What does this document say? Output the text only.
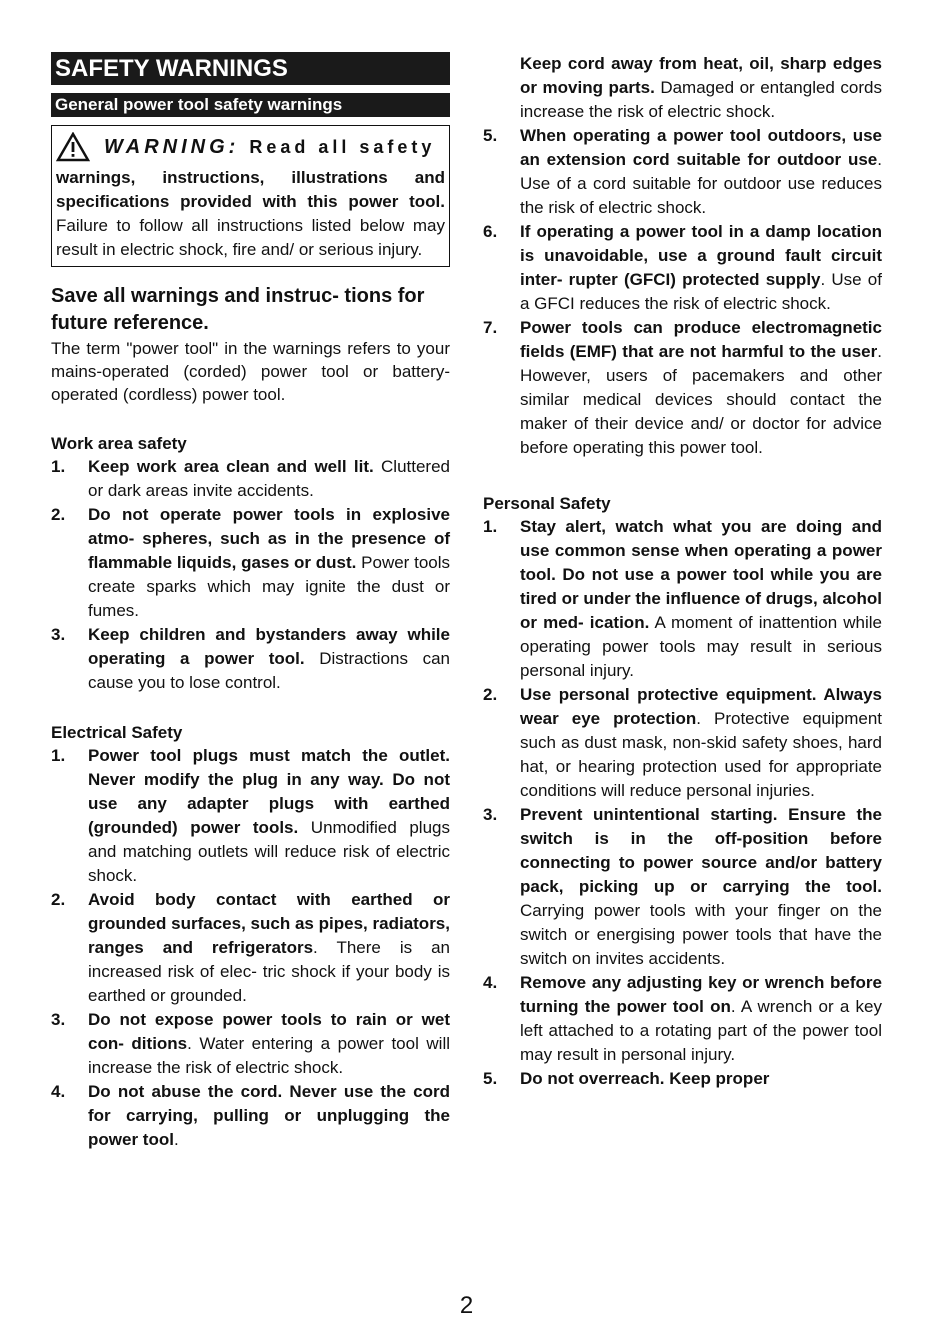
SAFETY WARNINGS
General power tool safety warnings
WARNING: Read all safety
warnings, instructions, illustrations and specifications provided with this power tool. Failure to follow all instructions listed below may result in electric shock, fire and/ or serious injury.
Save all warnings and instruc- tions for future reference.
The term "power tool" in the warnings refers to your mains-operated (corded) power tool or battery-operated (cordless) power tool.
Work area safety
1.	Keep work area clean and well lit. Cluttered or dark areas invite accidents.
2.	Do not operate power tools in explosive atmo- spheres, such as in the presence of flammable liquids, gases or dust. Power tools create sparks which may ignite the dust or fumes.
3.	Keep children and bystanders away while operating a power tool. Distractions can cause you to lose control.
Electrical Safety
1.	Power tool plugs must match the outlet. Never modify the plug in any way. Do not use any adapter plugs with earthed (grounded) power tools. Unmodified plugs and matching outlets will reduce risk of electric shock.
2.	Avoid body contact with earthed or grounded surfaces, such as pipes, radiators, ranges and refrigerators. There is an increased risk of elec- tric shock if your body is earthed or grounded.
3.	Do not expose power tools to rain or wet con- ditions. Water entering a power tool will increase the risk of electric shock.
4.	Do not abuse the cord. Never use the cord for carrying, pulling or unplugging the power tool.
Keep cord away from heat, oil, sharp edges or moving parts. Damaged or entangled cords increase the risk of electric shock.
5.	When operating a power tool outdoors, use an extension cord suitable for outdoor use. Use of a cord suitable for outdoor use reduces the risk of electric shock.
6.	If operating a power tool in a damp location is unavoidable, use a ground fault circuit inter- rupter (GFCI) protected supply. Use of a GFCI reduces the risk of electric shock.
7.	Power tools can produce electromagnetic fields (EMF) that are not harmful to the user. However, users of pacemakers and other similar medical devices should contact the maker of their device and/ or doctor for advice before operating this power tool.
Personal Safety
1.	Stay alert, watch what you are doing and use common sense when operating a power tool. Do not use a power tool while you are tired or under the influence of drugs, alcohol or med- ication. A moment of inattention while operating power tools may result in serious personal injury.
2.	Use personal protective equipment. Always wear eye protection. Protective equipment such as dust mask, non-skid safety shoes, hard hat, or hearing protection used for appropriate conditions will reduce personal injuries.
3.	Prevent unintentional starting. Ensure the switch is in the off-position before connecting to power source and/or battery pack, picking up or carrying the tool. Carrying power tools with your finger on the switch or energising power tools that have the switch on invites accidents.
4.	Remove any adjusting key or wrench before turning the power tool on. A wrench or a key left attached to a rotating part of the power tool may result in personal injury.
5.	Do not overreach. Keep proper
2
